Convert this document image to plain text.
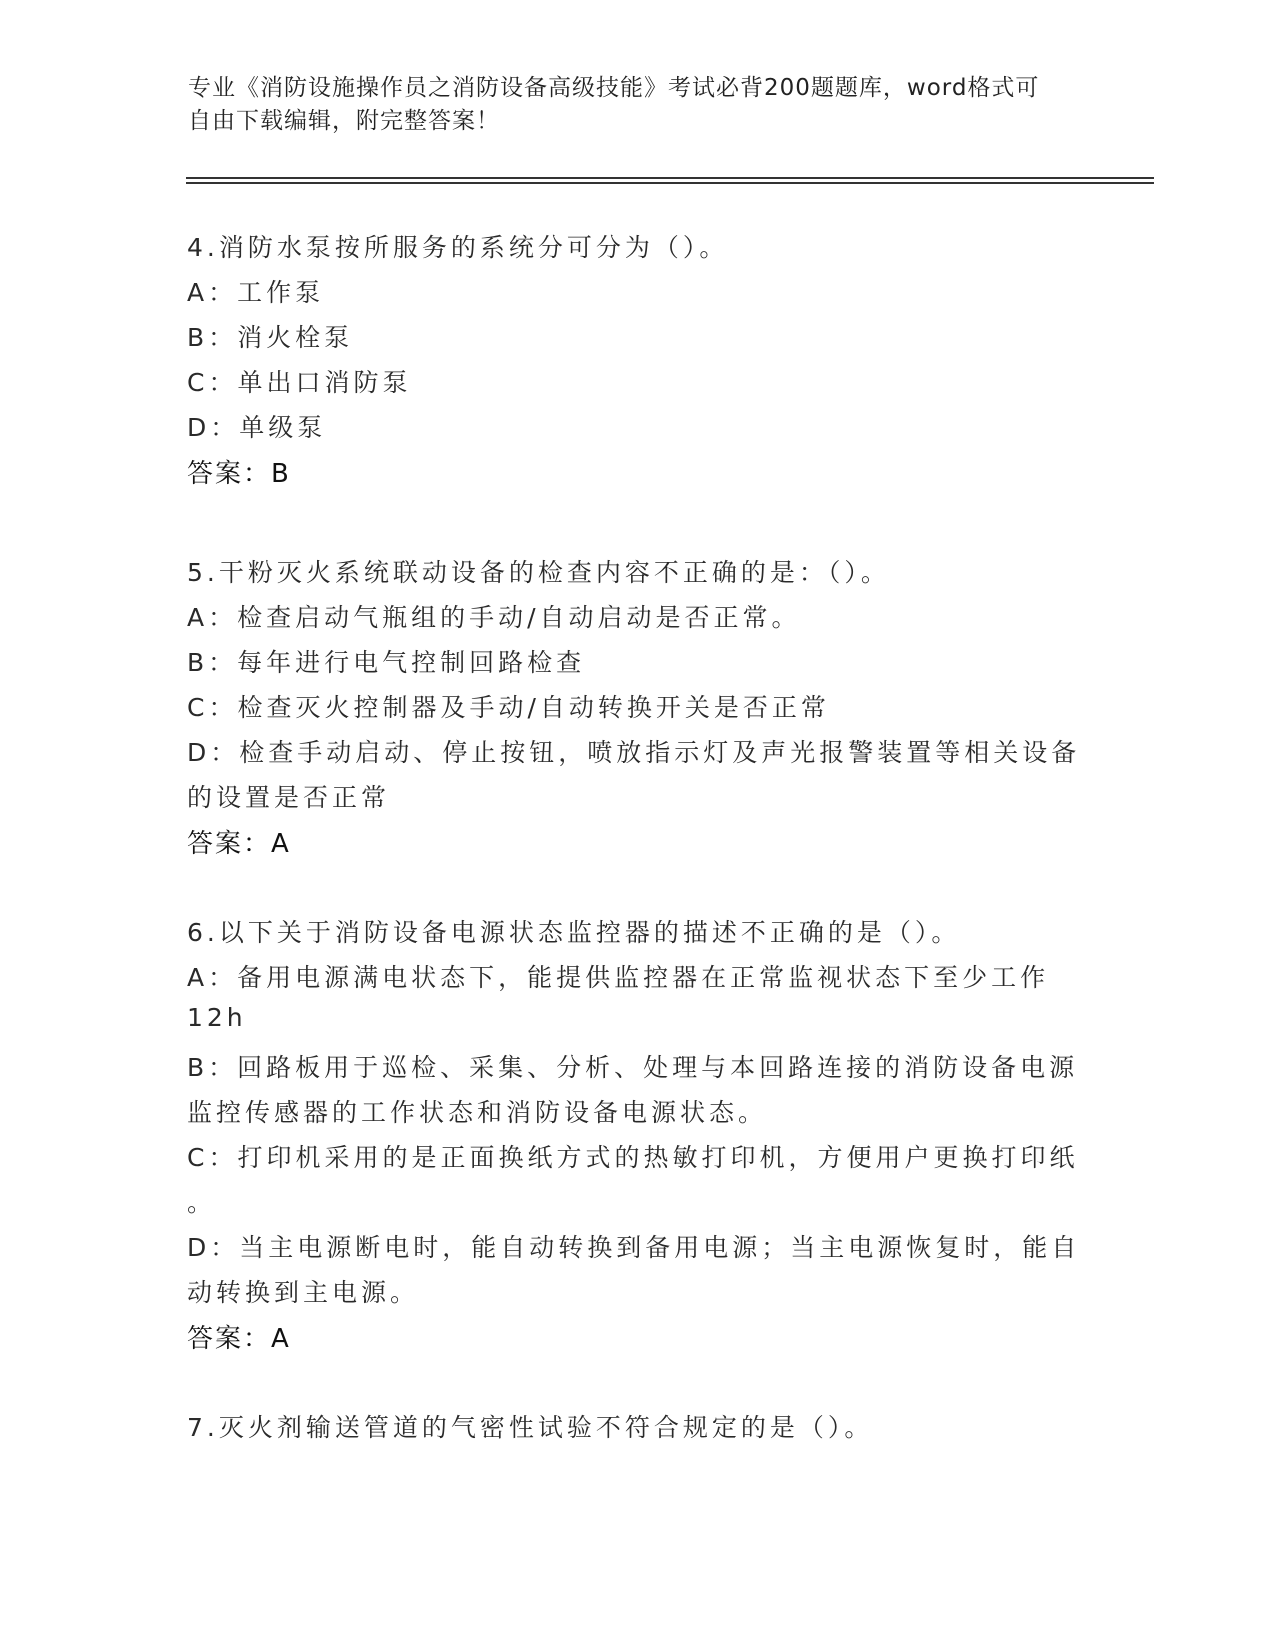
专业《消防设施操作员之消防设备高级技能》考试必背200题题库，word格式可

自由下载编辑，附完整答案！

4.消防水泵按所服务的系统分可分为（）。
A：工作泵
B：消火栓泵
C：单出口消防泵
D：单级泵
答案：B
5.干粉灭火系统联动设备的检查内容不正确的是：（）。
A：检查启动气瓶组的手动/自动启动是否正常。
B：每年进行电气控制回路检查
C：检查灭火控制器及手动/自动转换开关是否正常
D：检查手动启动、停止按钮，喷放指示灯及声光报警装置等相关设备
的设置是否正常
答案：A
6.以下关于消防设备电源状态监控器的描述不正确的是（）。
A：备用电源满电状态下，能提供监控器在正常监视状态下至少工作
12h
B：回路板用于巡检、采集、分析、处理与本回路连接的消防设备电源
监控传感器的工作状态和消防设备电源状态。
C：打印机采用的是正面换纸方式的热敏打印机，方便用户更换打印纸
。
D：当主电源断电时，能自动转换到备用电源；当主电源恢复时，能自
动转换到主电源。
答案：A
7.灭火剂输送管道的气密性试验不符合规定的是（）。
